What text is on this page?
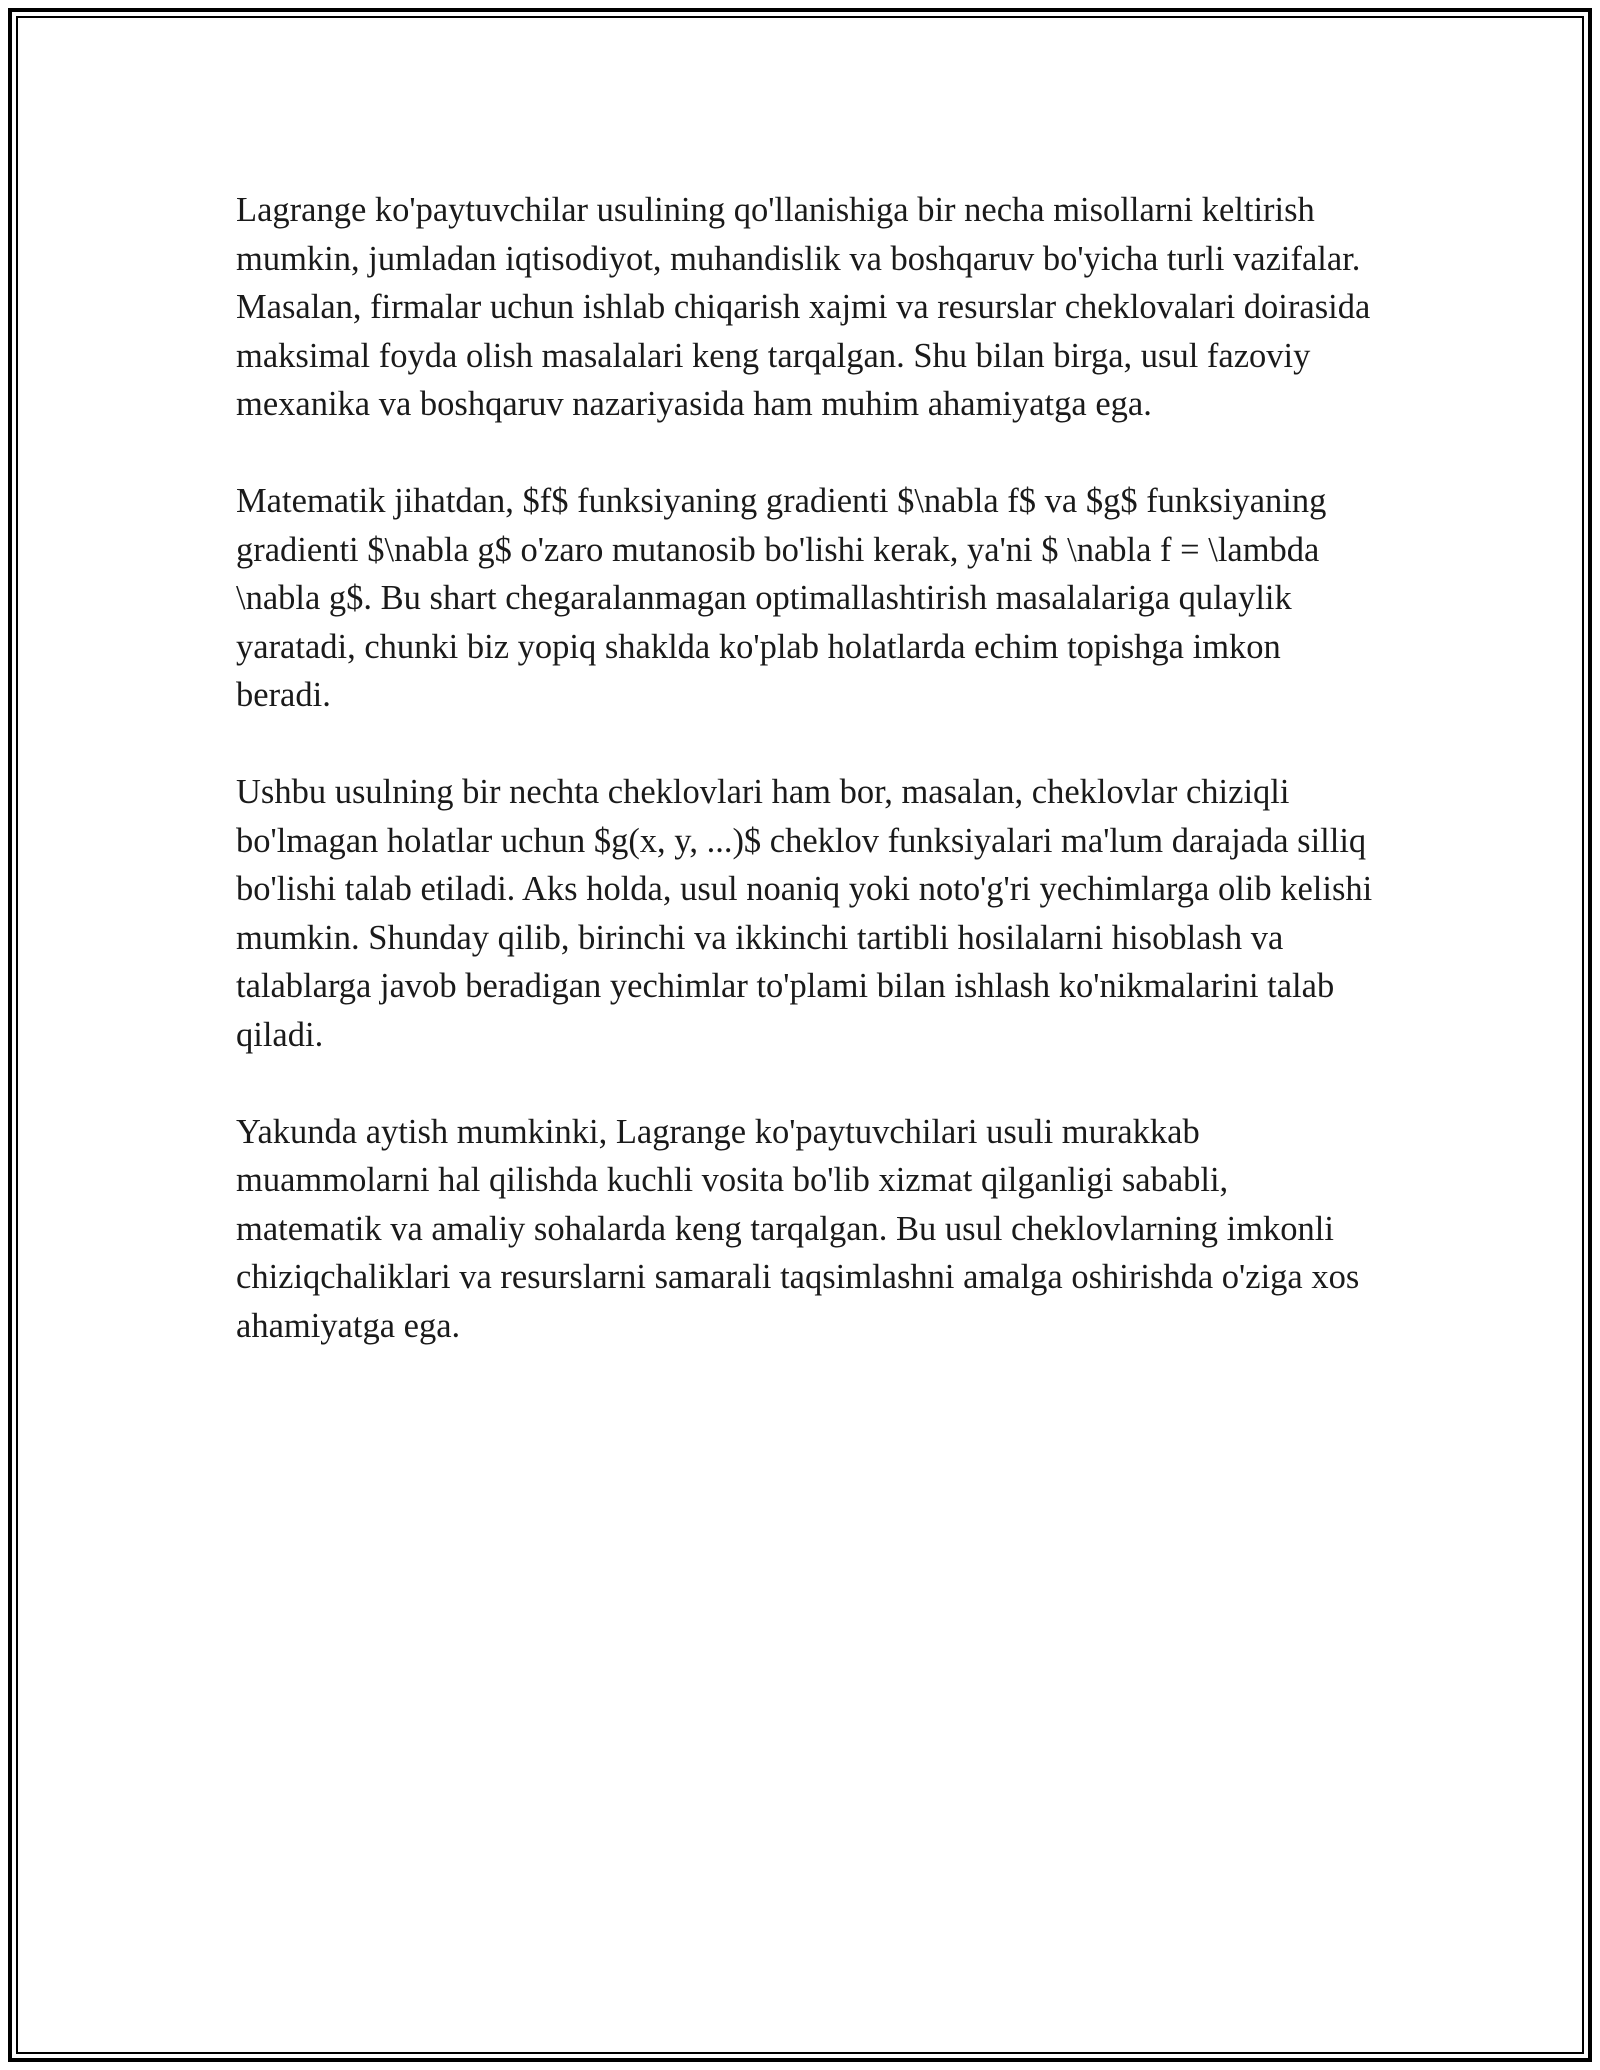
Lagrange ko'paytuvchilar usulining qo'llanishiga bir necha misollarni keltirish mumkin, jumladan iqtisodiyot, muhandislik va boshqaruv bo'yicha turli vazifalar. Masalan, firmalar uchun ishlab chiqarish xajmi va resurslar cheklovalari doirasida maksimal foyda olish masalalari keng tarqalgan. Shu bilan birga, usul fazoviy mexanika va boshqaruv nazariyasida ham muhim ahamiyatga ega.

Matematik jihatdan, $f$ funksiyaning gradienti $\nabla f$ va $g$ funksiyaning gradienti $\nabla g$ o'zaro mutanosib bo'lishi kerak, ya'ni $ \nabla f = \lambda \nabla g$. Bu shart chegaralanmagan optimallashtirish masalalariga qulaylik yaratadi, chunki biz yopiq shaklda ko'plab holatlarda echim topishga imkon beradi.

Ushbu usulning bir nechta cheklovlari ham bor, masalan, cheklovlar chiziqli bo'lmagan holatlar uchun $g(x, y, ...)$ cheklov funksiyalari ma'lum darajada silliq bo'lishi talab etiladi. Aks holda, usul noaniq yoki noto'g'ri yechimlarga olib kelishi mumkin. Shunday qilib, birinchi va ikkinchi tartibli hosilalarni hisoblash va talablarga javob beradigan yechimlar to'plami bilan ishlash ko'nikmalarini talab qiladi.

Yakunda aytish mumkinki, Lagrange ko'paytuvchilari usuli murakkab muammolarni hal qilishda kuchli vosita bo'lib xizmat qilganligi sababli, matematik va amaliy sohalarda keng tarqalgan. Bu usul cheklovlarning imkonli chiziqchaliklari va resurslarni samarali taqsimlashni amalga oshirishda o'ziga xos ahamiyatga ega.
